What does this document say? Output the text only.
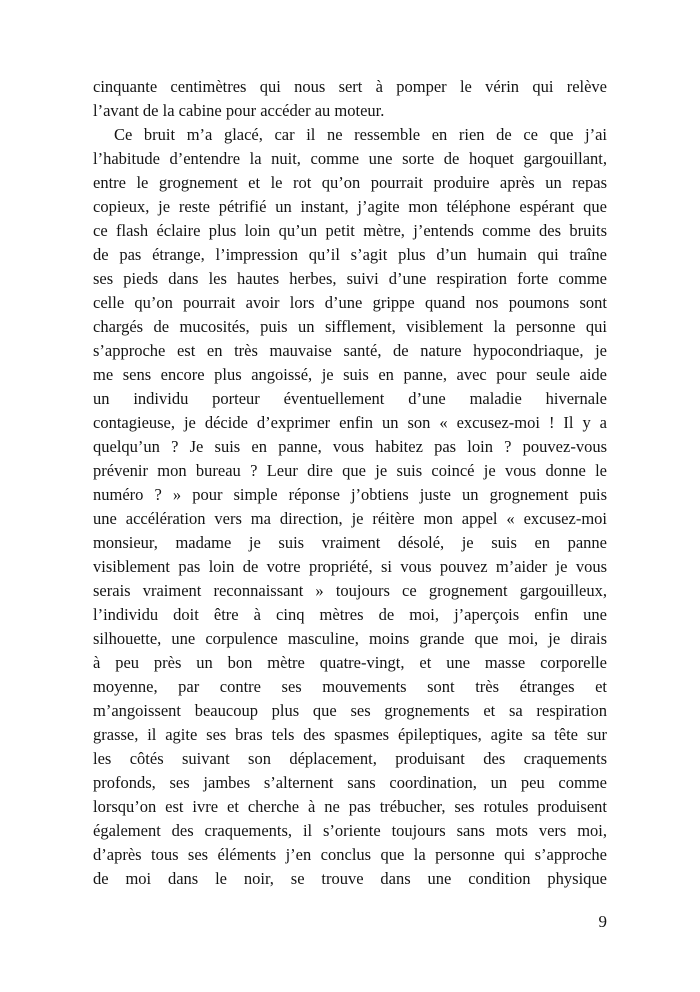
cinquante centimètres qui nous sert à pomper le vérin qui relève
l’avant de la cabine pour accéder au moteur.
Ce bruit m’a glacé, car il ne ressemble en rien de ce que j’ai
l’habitude d’entendre la nuit, comme une sorte de hoquet gargouillant,
entre le grognement et le rot qu’on pourrait produire après un repas
copieux, je reste pétrifié un instant, j’agite mon téléphone espérant que
ce flash éclaire plus loin qu’un petit mètre, j’entends comme des bruits
de pas étrange, l’impression qu’il s’agit plus d’un humain qui traîne
ses pieds dans les hautes herbes, suivi d’une respiration forte comme
celle qu’on pourrait avoir lors d’une grippe quand nos poumons sont
chargés de mucosités, puis un sifflement, visiblement la personne qui
s’approche est en très mauvaise santé, de nature hypocondriaque, je
me sens encore plus angoissé, je suis en panne, avec pour seule aide
un individu porteur éventuellement d’une maladie hivernale
contagieuse, je décide d’exprimer enfin un son « excusez-moi ! Il y a
quelqu’un ? Je suis en panne, vous habitez pas loin ? pouvez-vous
prévenir mon bureau ? Leur dire que je suis coincé je vous donne le
numéro ? » pour simple réponse j’obtiens juste un grognement puis
une accélération vers ma direction, je réitère mon appel « excusez-moi
monsieur, madame je suis vraiment désolé, je suis en panne
visiblement pas loin de votre propriété, si vous pouvez m’aider je vous
serais vraiment reconnaissant » toujours ce grognement gargouilleux,
l’individu doit être à cinq mètres de moi, j’aperçois enfin une
silhouette, une corpulence masculine, moins grande que moi, je dirais
à peu près un bon mètre quatre-vingt, et une masse corporelle
moyenne, par contre ses mouvements sont très étranges et
m’angoissent beaucoup plus que ses grognements et sa respiration
grasse, il agite ses bras tels des spasmes épileptiques, agite sa tête sur
les côtés suivant son déplacement, produisant des craquements
profonds, ses jambes s’alternent sans coordination, un peu comme
lorsqu’on est ivre et cherche à ne pas trébucher, ses rotules produisent
également des craquements, il s’oriente toujours sans mots vers moi,
d’après tous ses éléments j’en conclus que la personne qui s’approche
de moi dans le noir, se trouve dans une condition physique
9
